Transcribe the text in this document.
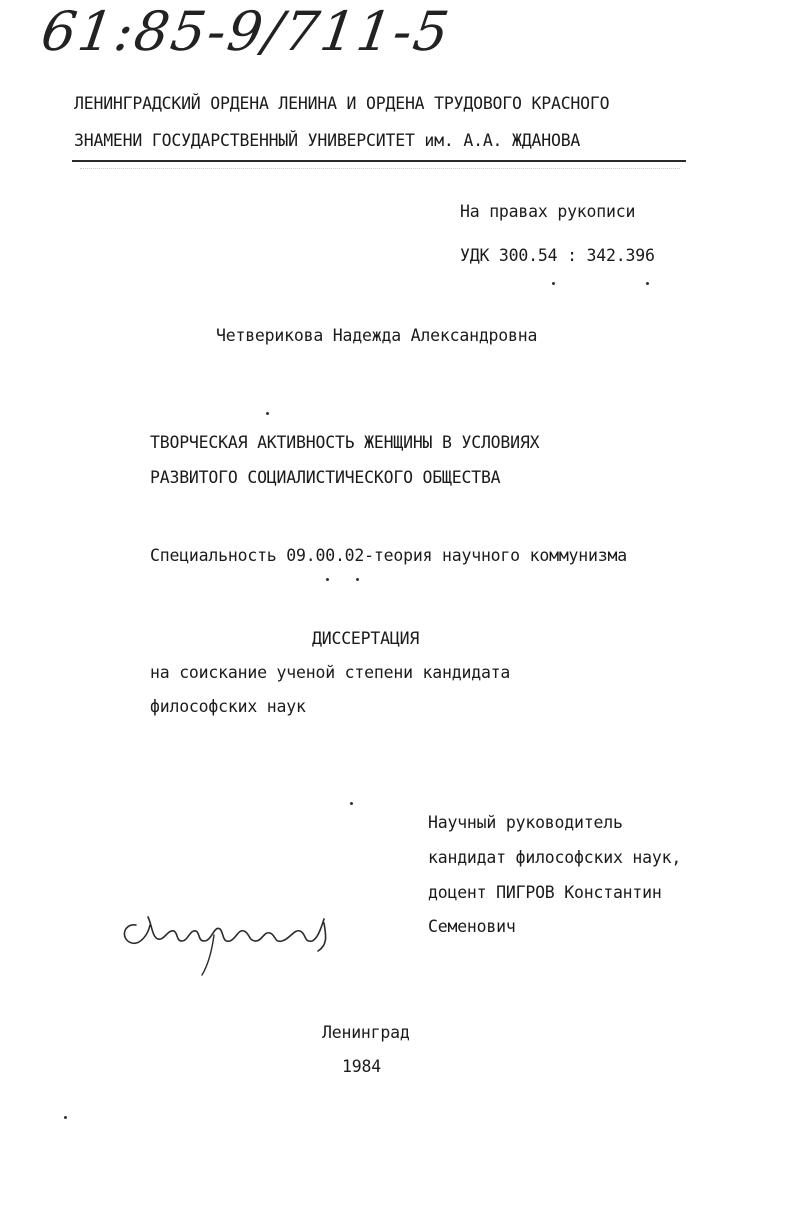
61:85-9/711-5
ЛЕНИНГРАДСКИЙ ОРДЕНА ЛЕНИНА И ОРДЕНА ТРУДОВОГО КРАСНОГО
ЗНАМЕНИ ГОСУДАРСТВЕННЫЙ УНИВЕРСИТЕТ им. А.А. ЖДАНОВА
На правах рукописи
УДК 300.54 : 342.396
Четверикова Надежда Александровна
ТВОРЧЕСКАЯ АКТИВНОСТЬ ЖЕНЩИНЫ В УСЛОВИЯХ
РАЗВИТОГО СОЦИАЛИСТИЧЕСКОГО ОБЩЕСТВА
Специальность 09.00.02-теория научного коммунизма
ДИССЕРТАЦИЯ
на соискание ученой степени кандидата
философских наук
Научный руководитель
кандидат философских наук,
доцент ПИГРОВ Константин
Семенович
Ленинград
1984
